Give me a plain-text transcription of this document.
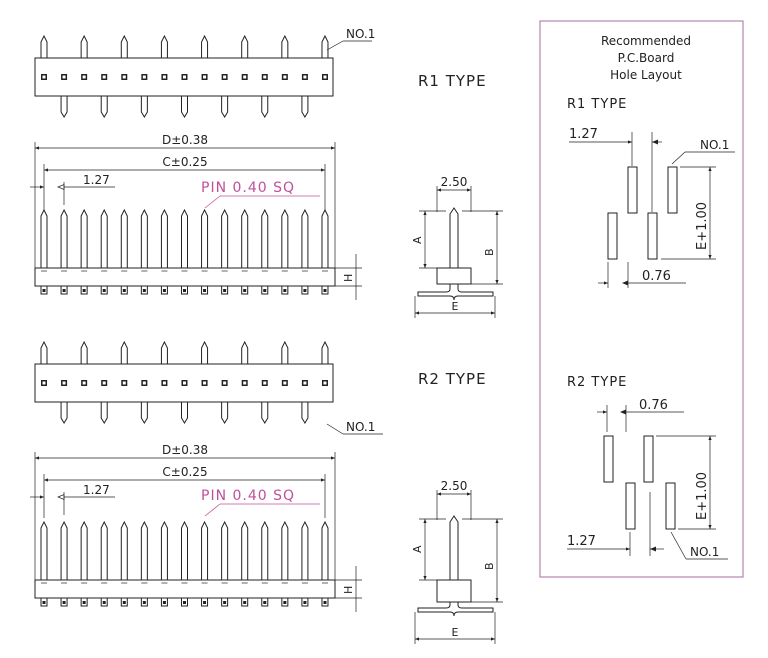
NO.1
R1 TYPE
D±0.38
C±0.25
1.27	PIN 0.40 SQ
H
2.50
A
B
E
NO.1
R2 TYPE
D±0.38
C±0.25
1.27	PIN 0.40 SQ
H
2.50
A
B
E
Recommended
P.C.Board
Hole Layout
R1 TYPE
1.27
NO.1
E+1.00
0.76
R2 TYPE
0.76
E+1.00
1.27
NO.1
